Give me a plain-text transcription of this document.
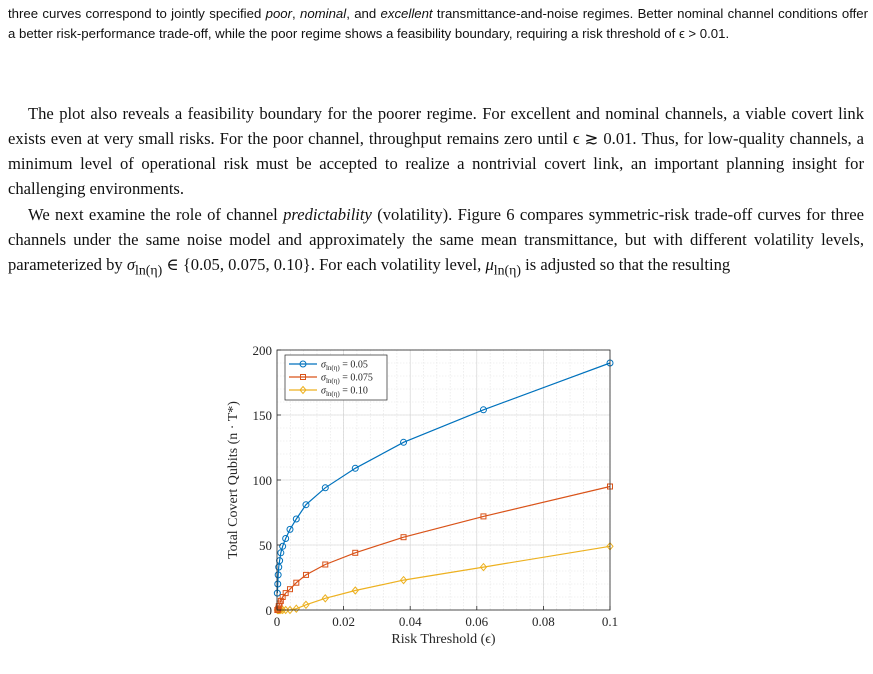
three curves correspond to jointly specified poor, nominal, and excellent transmittance-and-noise regimes. Better nominal channel conditions offer a better risk-performance trade-off, while the poor regime shows a feasibility boundary, requiring a risk threshold of ϵ > 0.01.

The plot also reveals a feasibility boundary for the poorer regime. For excellent and nominal channels, a viable covert link exists even at very small risks. For the poor channel, throughput remains zero until ϵ ≳ 0.01. Thus, for low-quality channels, a minimum level of operational risk must be accepted to realize a nontrivial covert link, an important planning insight for challenging environments.

We next examine the role of channel predictability (volatility). Figure 6 compares symmetric-risk trade-off curves for three channels under the same noise model and approximately the same mean transmittance, but with different volatility levels, parameterized by $\sigma_{ln(\eta)}$ ∈ {0.05, 0.075, 0.10}. For each volatility level, $\mu_{ln(\eta)}$ is adjusted so that the resulting

0	0.02	0.04	0.06	0.08	0.1
0
50
100
150
200
Risk Threshold (ϵ)
Total Covert Qubits (n · T*)
$\sigma_{ln(\eta)} = 0.05$
$\sigma_{ln(\eta)} = 0.075$
$\sigma_{ln(\eta)} = 0.10$
